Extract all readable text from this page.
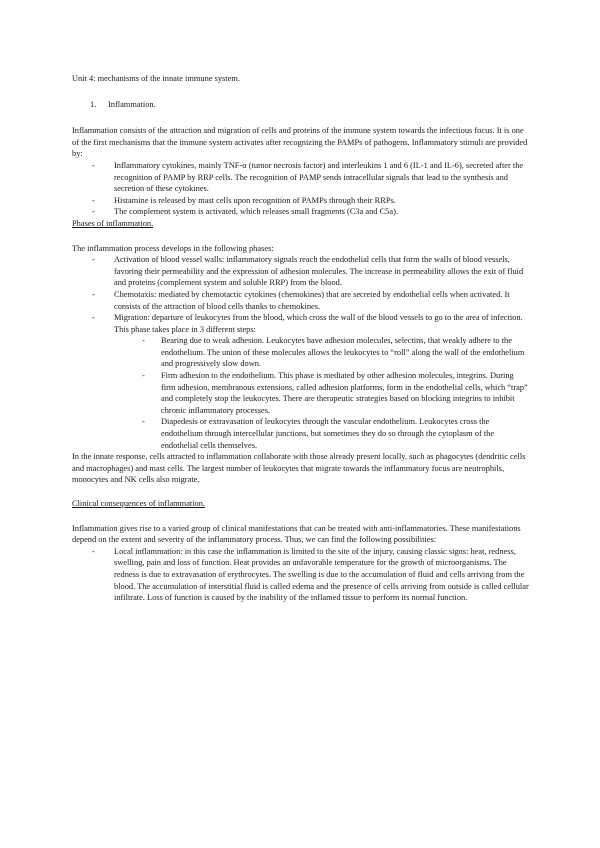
Unit 4: mechanisms of the innate immune system.

1.	Inflammation.

Inflammation consists of the attraction and migration of cells and proteins of the immune system towards the infectious focus. It is one of the first mechanisms that the immune system activates after recognizing the PAMPs of pathogens. Inflammatory stimuli are provided by:

-	Inflammatory cytokines, mainly TNF-α (tumor necrosis factor) and interleukins 1 and 6 (IL-1 and IL-6), secreted after the recognition of PAMP by RRP cells. The recognition of PAMP sends intracellular signals that lead to the synthesis and secretion of these cytokines.
-	Histamine is released by mast cells upon recognition of PAMPs through their RRPs.
-	The complement system is activated, which releases small fragments (C3a and C5a).

Phases of inflammation.

The inflammation process develops in the following phases:

-	Activation of blood vessel walls: inflammatory signals reach the endothelial cells that form the walls of blood vessels, favoring their permeability and the expression of adhesion molecules. The increase in permeability allows the exit of fluid and proteins (complement system and soluble RRP) from the blood.
-	Chemotaxis: mediated by chemotactic cytokines (chemokines) that are secreted by endothelial cells when activated. It consists of the attraction of blood cells thanks to chemokines.
-	Migration: departure of leukocytes from the blood, which cross the wall of the blood vessels to go to the area of infection. This phase takes place in 3 different steps:
-	Bearing due to weak adhesion. Leukocytes have adhesion molecules, selectins, that weakly adhere to the endothelium. The union of these molecules allows the leukocytes to “roll” along the wall of the endothelium and progressively slow down.
-	Firm adhesion to the endothelium. This phase is mediated by other adhesion molecules, integrins. During firm adhesion, membranous extensions, called adhesion platforms, form in the endothelial cells, which “trap” and completely stop the leukocytes. There are therapeutic strategies based on blocking integrins to inhibit chronic inflammatory processes.
-	Diapedesis or extravasation of leukocytes through the vascular endothelium. Leukocytes cross the endothelium through intercellular junctions, but sometimes they do so through the cytoplasm of the endothelial cells themselves.

In the innate response, cells attracted to inflammation collaborate with those already present locally, such as phagocytes (dendritic cells and macrophages) and mast cells. The largest number of leukocytes that migrate towards the inflammatory focus are neutrophils, monocytes and NK cells also migrate.

Clinical consequences of inflammation.

Inflammation gives rise to a varied group of clinical manifestations that can be treated with anti-inflammatories. These manifestations depend on the extent and severity of the inflammatory process. Thus, we can find the following possibilities:

-	Local inflammation: in this case the inflammation is limited to the site of the injury, causing classic signs: heat, redness, swelling, pain and loss of function. Heat provides an unfavorable temperature for the growth of microorganisms. The redness is due to extravasation of erythrocytes. The swelling is due to the accumulation of fluid and cells arriving from the blood. The accumulation of interstitial fluid is called edema and the presence of cells arriving from outside is called cellular infiltrate. Loss of function is caused by the inability of the inflamed tissue to perform its normal function.
